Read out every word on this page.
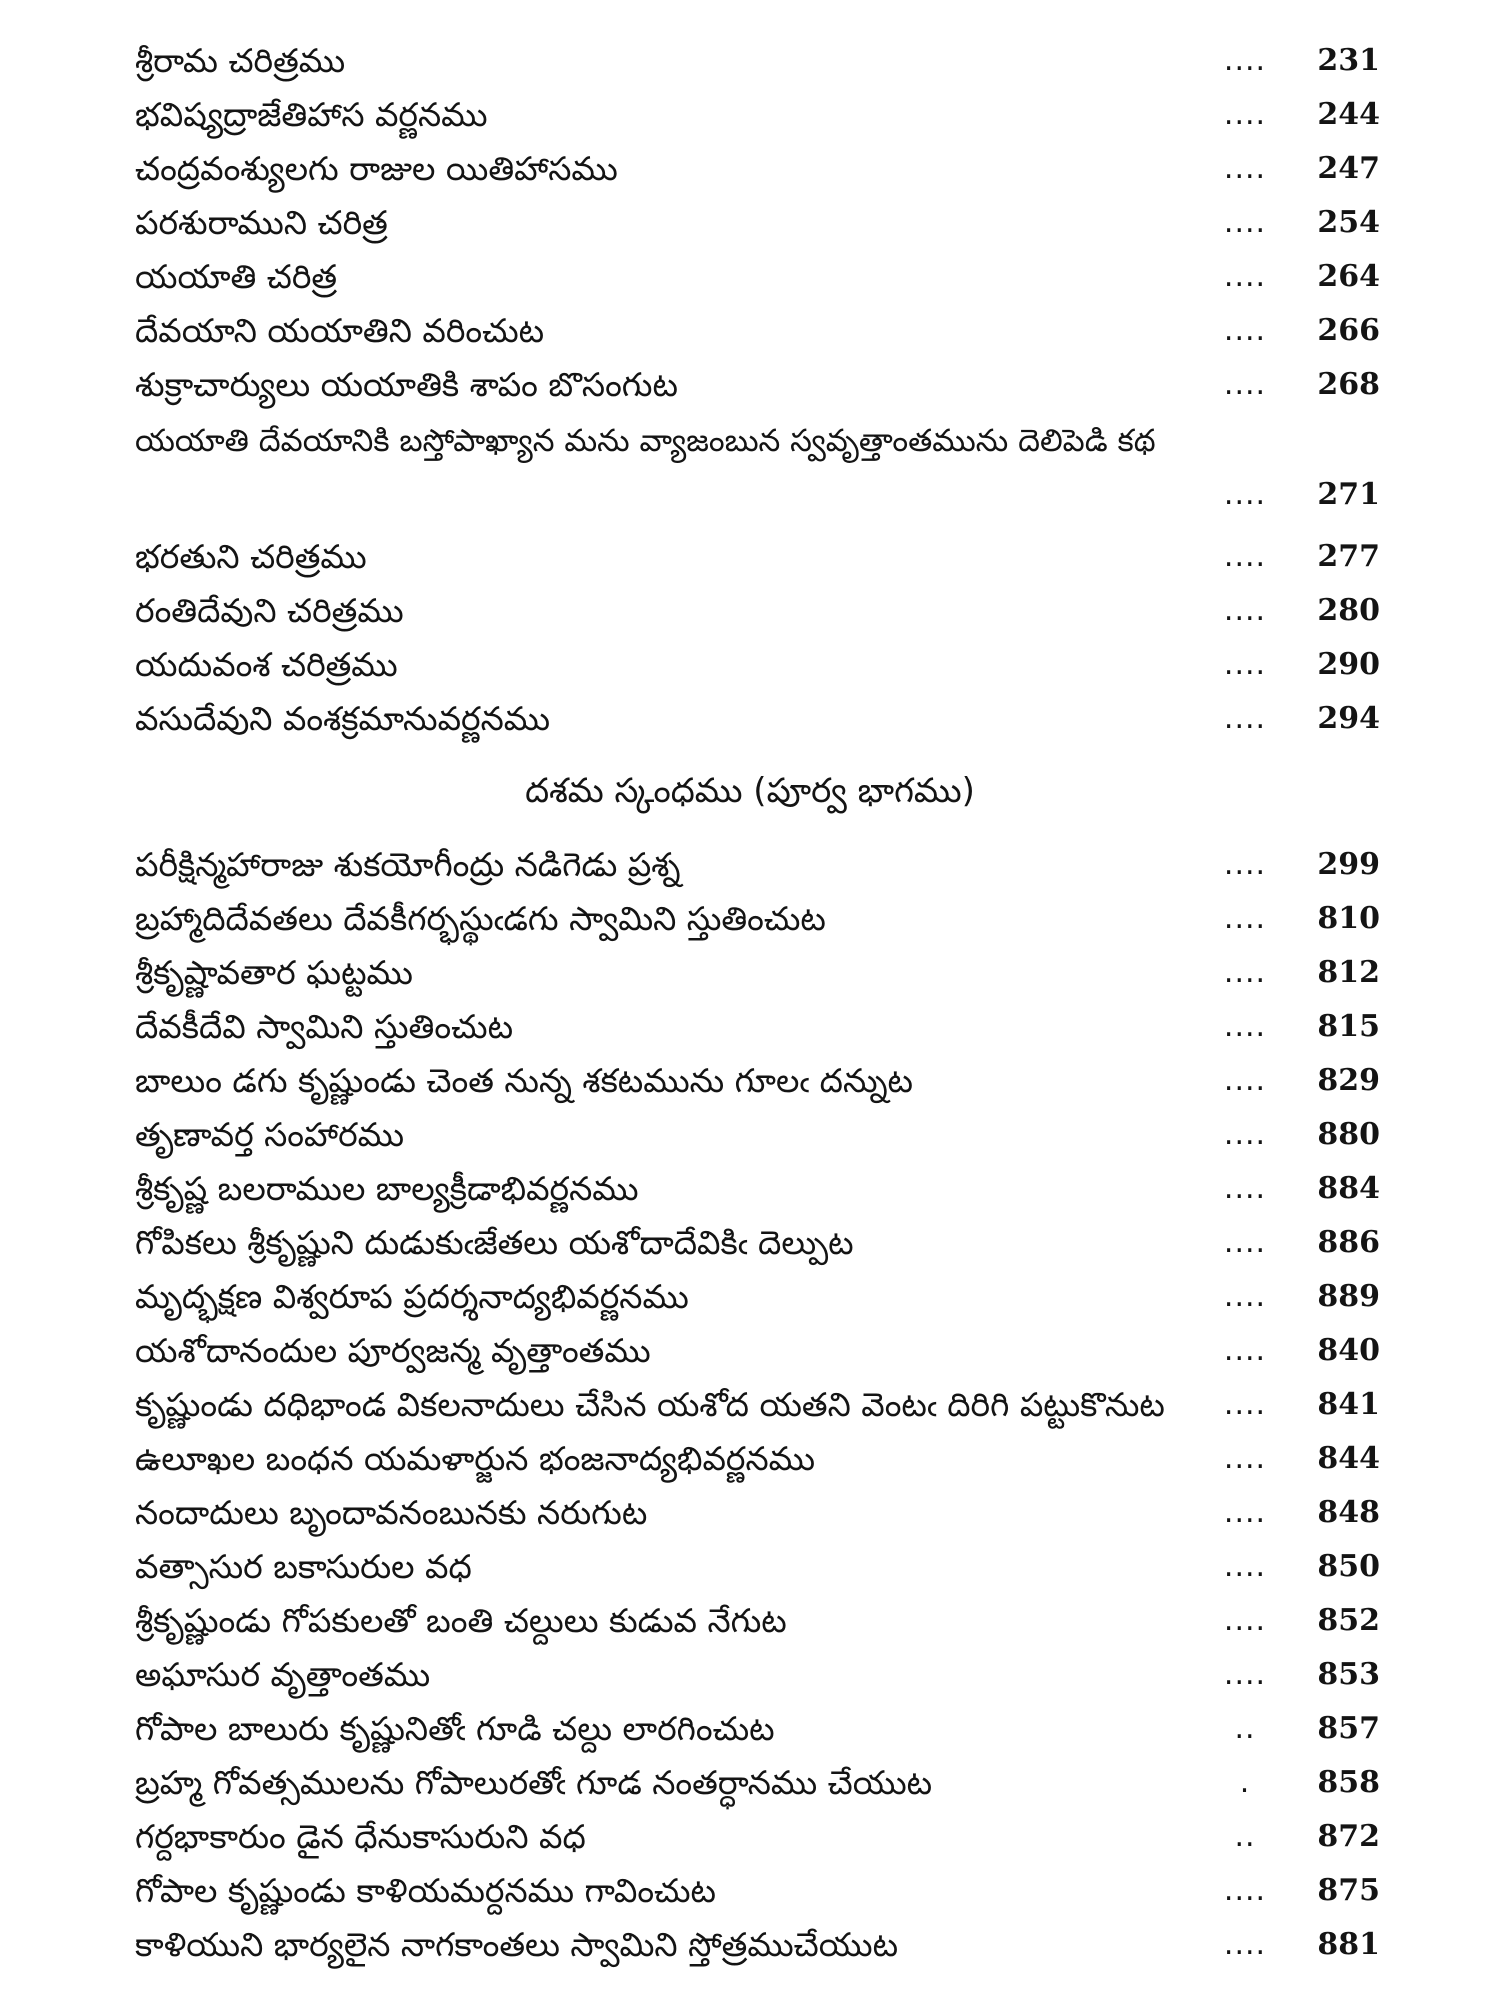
శ్రీరామ చరిత్రము	....	231
భవిష్యద్రాజేతిహాస వర్ణనము	....	244
చంద్రవంశ్యులగు రాజుల యితిహాసము	....	247
పరశురాముని చరిత్ర	....	254
యయాతి చరిత్ర	....	264
దేవయాని యయాతిని వరించుట	....	266
శుక్రాచార్యులు యయాతికి శాపం బొసంగుట	....	268
యయాతి దేవయానికి బస్తోపాఖ్యాన మను వ్యాజంబున స్వవృత్తాంతమును దెలిపెడి కథ
....	271
భరతుని చరిత్రము	....	277
రంతిదేవుని చరిత్రము	....	280
యదువంశ చరిత్రము	....	290
వసుదేవుని వంశక్రమానువర్ణనము	....	294
దశమ స్కంధము (పూర్వ భాగము)
పరీక్షిన్మహారాజు శుకయోగీంద్రు నడిగెడు ప్రశ్న	....	299
బ్రహ్మాదిదేవతలు దేవకీగర్భస్థుఁడగు స్వామిని స్తుతించుట	....	810
శ్రీకృష్ణావతార ఘట్టము	....	812
దేవకీదేవి స్వామిని స్తుతించుట	....	815
బాలుం డగు కృష్ణుండు చెంత నున్న శకటమును గూలఁ దన్నుట	....	829
తృణావర్త సంహారము	....	880
శ్రీకృష్ణ బలరాముల బాల్యక్రీడాభివర్ణనము	....	884
గోపికలు శ్రీకృష్ణుని దుడుకుఁజేతలు యశోదాదేవికిఁ దెల్పుట	....	886
మృద్భక్షణ విశ్వరూప ప్రదర్శనాద్యభివర్ణనము	....	889
యశోదానందుల పూర్వజన్మ వృత్తాంతము	....	840
కృష్ణుండు దధిభాండ వికలనాదులు చేసిన యశోద యతని వెంటఁ దిరిగి పట్టుకొనుట	....	841
ఉలూఖల బంధన యమళార్జున భంజనాద్యభివర్ణనము	....	844
నందాదులు బృందావనంబునకు నరుగుట	....	848
వత్సాసుర బకాసురుల వధ	....	850
శ్రీకృష్ణుండు గోపకులతో బంతి చల్దులు కుడువ నేగుట	....	852
అఘాసుర వృత్తాంతము	....	853
గోపాల బాలురు కృష్ణునితోఁ గూడి చల్దు లారగించుట	..	857
బ్రహ్మ గోవత్సములను గోపాలురతోఁ గూడ నంతర్ధానము చేయుట	.	858
గర్దభాకారుం డైన ధేనుకాసురుని వధ	..	872
గోపాల కృష్ణుండు కాళియమర్దనము గావించుట	....	875
కాళియుని భార్యలైన నాగకాంతలు స్వామిని స్తోత్రముచేయుట	....	881
